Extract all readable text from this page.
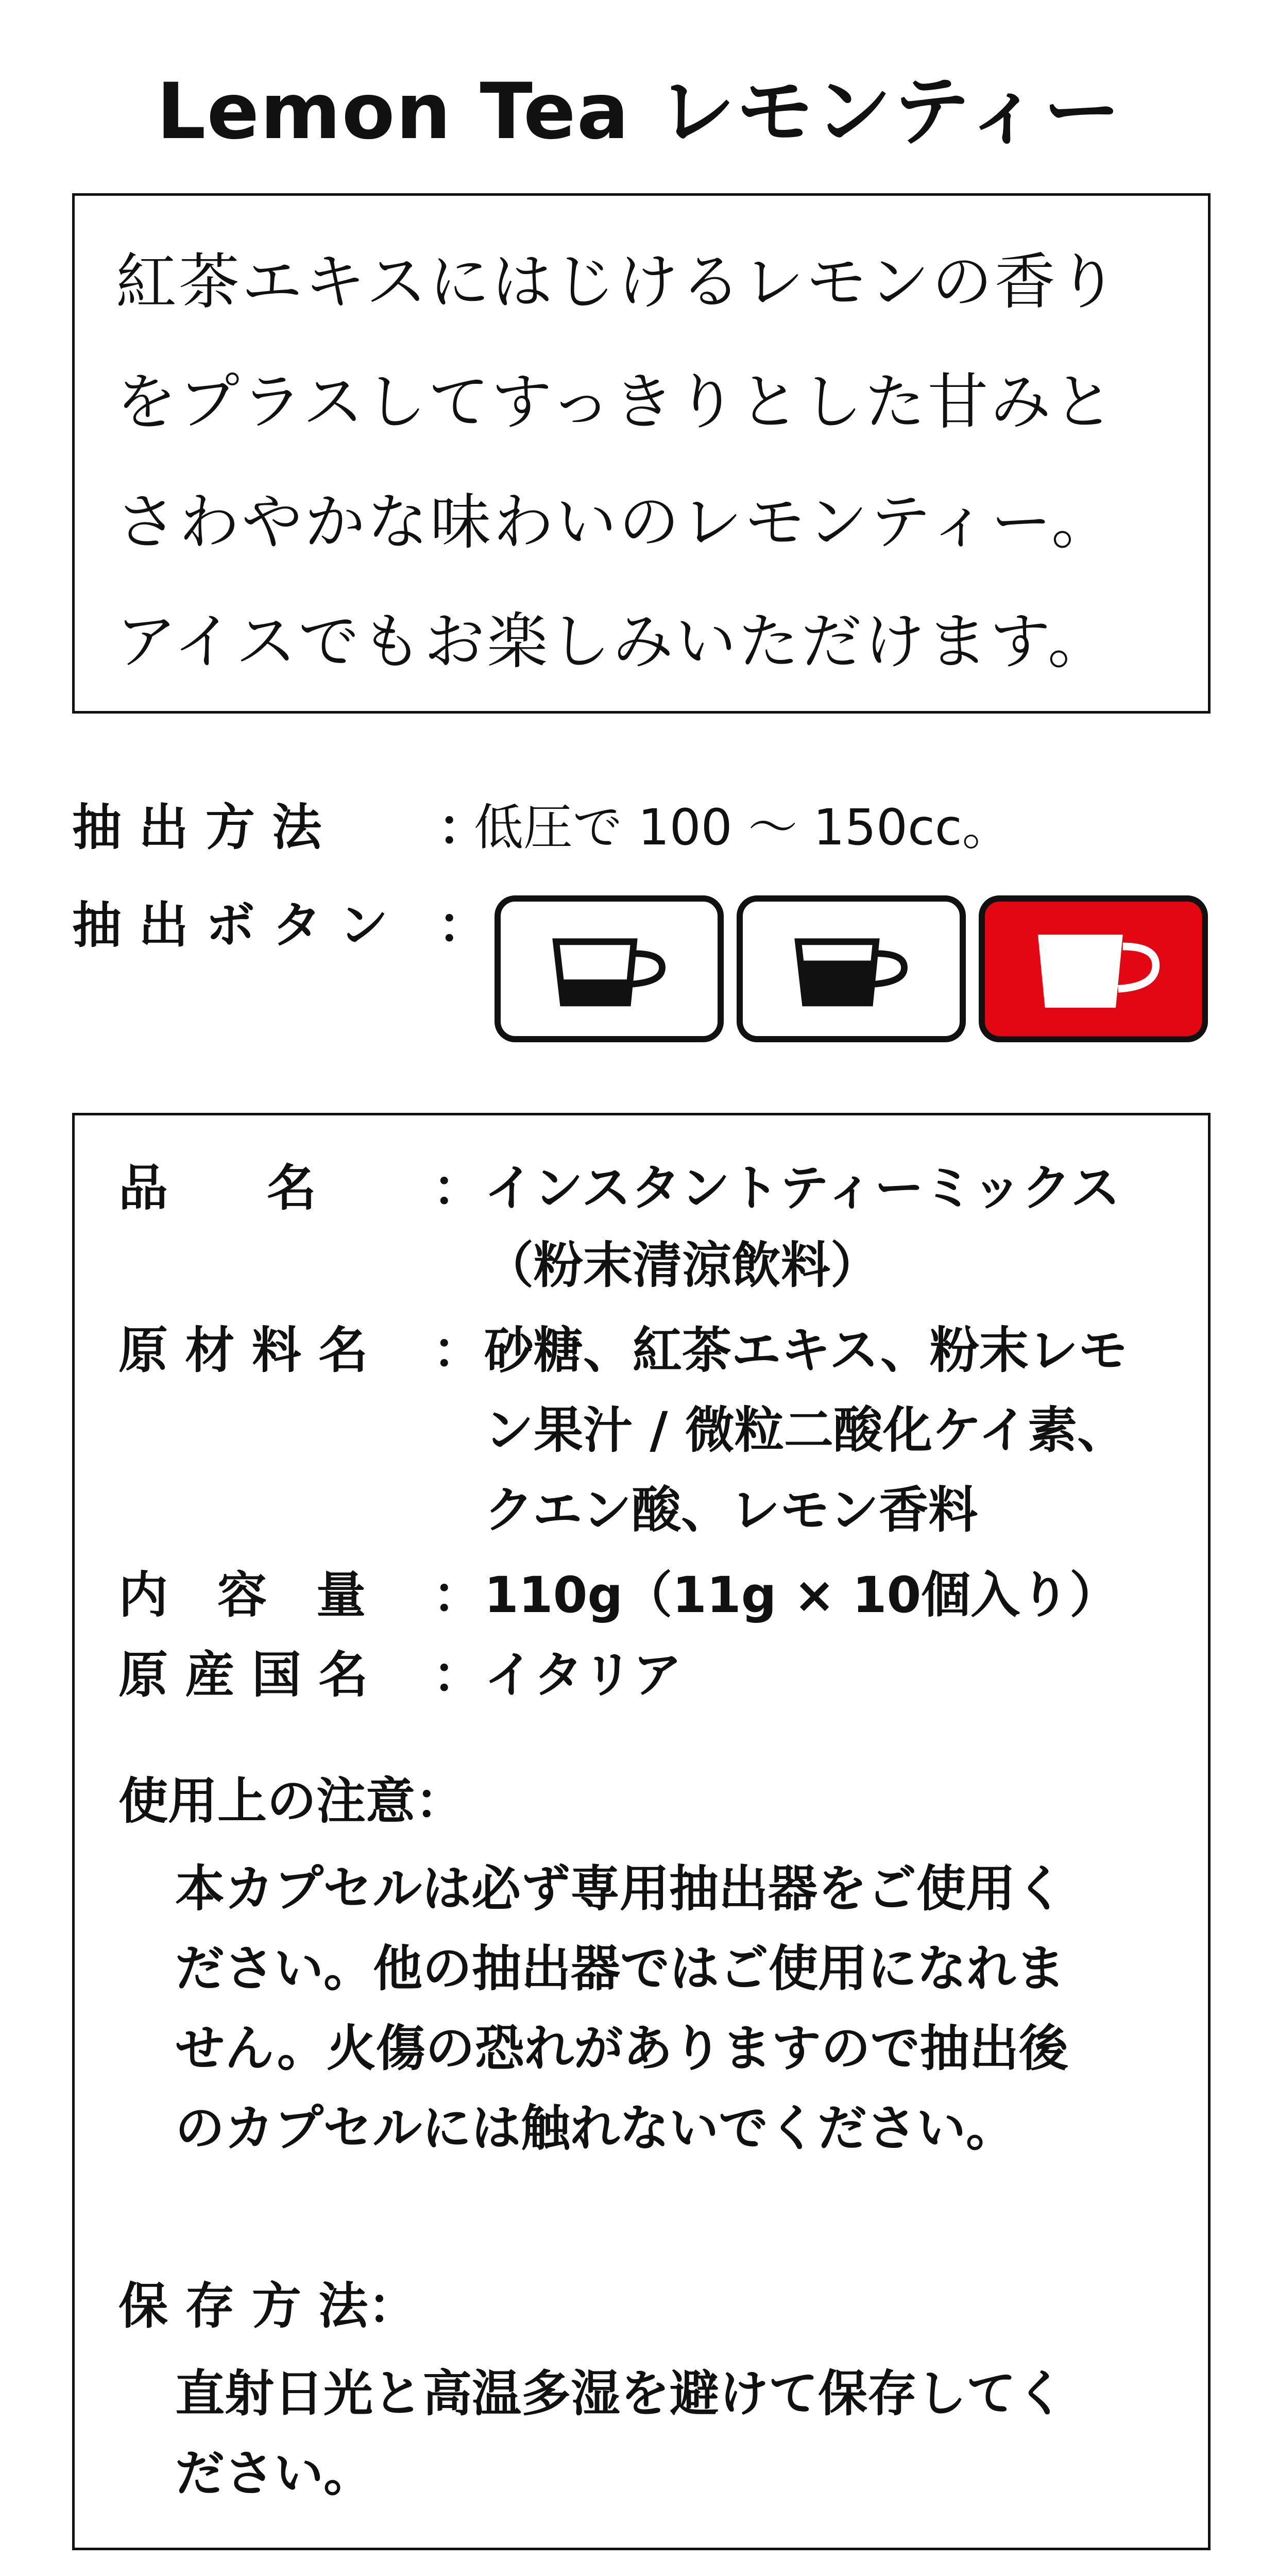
Lemon Tea レモンティー
紅茶エキスにはじけるレモンの香り
をプラスしてすっきりとした甘みと
さわやかな味わいのレモンティー。
アイスでもお楽しみいただけます。
抽 出 方 法 ：
低圧で 100 ～ 150cc。
抽 出 ボ タ ン ：
品　　名 ： インスタントティーミックス
（粉末清涼飲料）
原 材 料 名 ： 砂糖、紅茶エキス、粉末レモ
ン果汁 / 微粒二酸化ケイ素、
クエン酸、レモン香料
内　容　量 ： 110g（11g × 10個入り）
原 産 国 名 ： イタリア
使用上の注意：
本カプセルは必ず専用抽出器をご使用く
ださい。他の抽出器ではご使用になれま
せん。火傷の恐れがありますので抽出後
のカプセルには触れないでください。
保 存 方 法：
直射日光と高温多湿を避けて保存してく
ださい。
